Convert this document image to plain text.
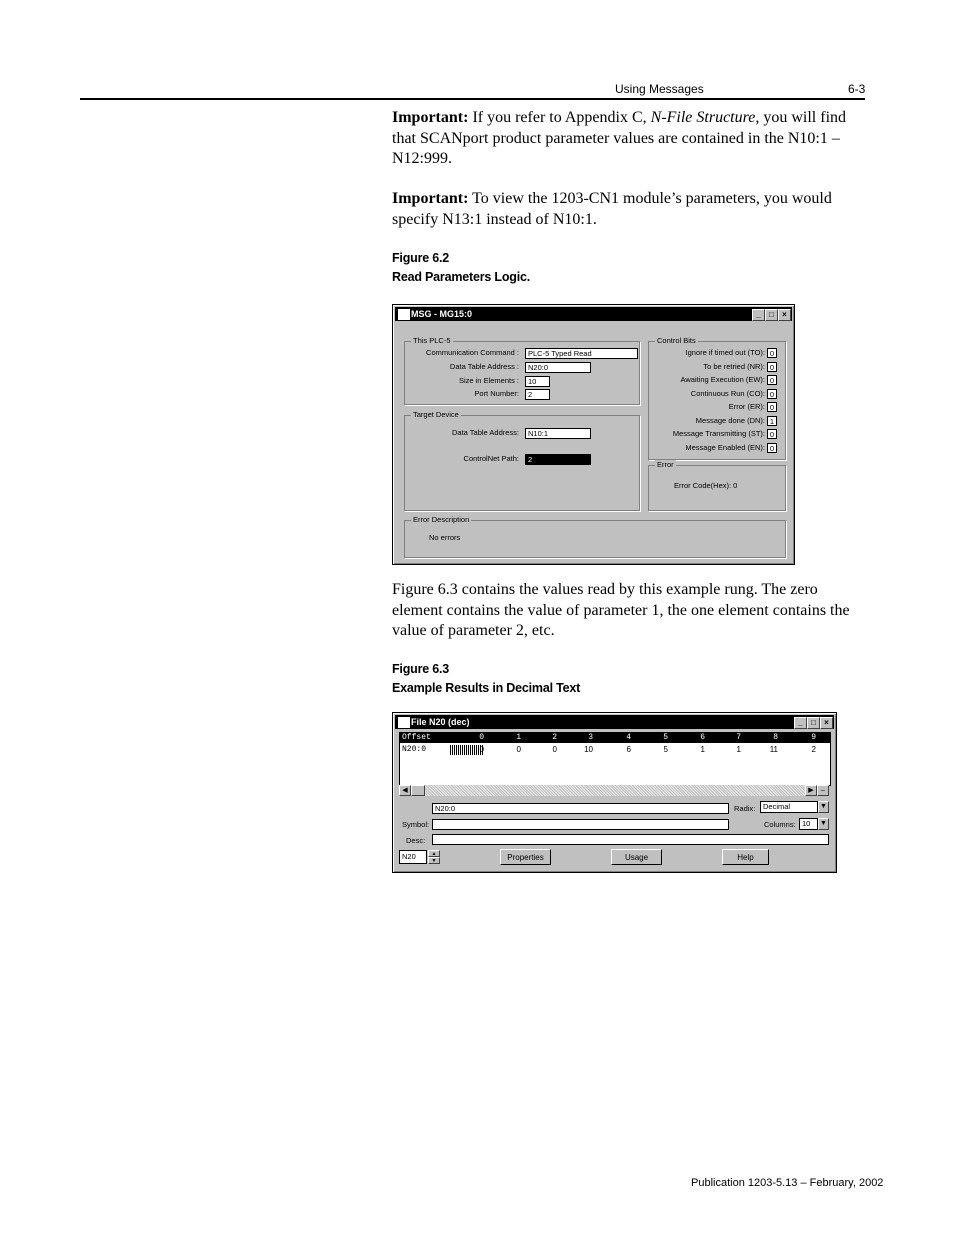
Using Messages	6-3
Important: If you refer to Appendix C, N-File Structure, you will find that SCANport product parameter values are contained in the N10:1 – N12:999.
Important: To view the 1203-CN1 module’s parameters, you would specify N13:1 instead of N10:1.
Figure 6.2
Read Parameters Logic.
MSG - MG15:0	_	□	×
This PLC-5
Communication Command :	PLC-5 Typed Read
Data Table Address :	N20:0
Size in Elements :	10
Port Number:	2
Target Device
Data Table Address:	N10:1
ControlNet Path:	2
Control Bits
Ignore if timed out (TO): 0
To be retried (NR): 0
Awaiting Execution (EW): 0
Continuous Run (CO): 0
Error (ER): 0
Message done (DN): 1
Message Transmitting (ST): 0
Message Enabled (EN): 0
Error
Error Code(Hex): 0
Error Description
No errors
Figure 6.3 contains the values read by this example rung. The zero element contains the value of parameter 1, the one element contains the value of parameter 2, etc.
Figure 6.3
Example Results in Decimal Text
File N20 (dec)	_	□	×
Offset	0	1	2	3	4	5	6	7	8	9
N20:0	0	0	0	10	6	5	1	1	11	2
◀	▶	–
N20:0	Radix:	Decimal	▼
Symbol:	Columns: 10	▼
Desc:
N20	▲
▼	Properties	Usage	Help
Publication 1203-5.13 – February, 2002
